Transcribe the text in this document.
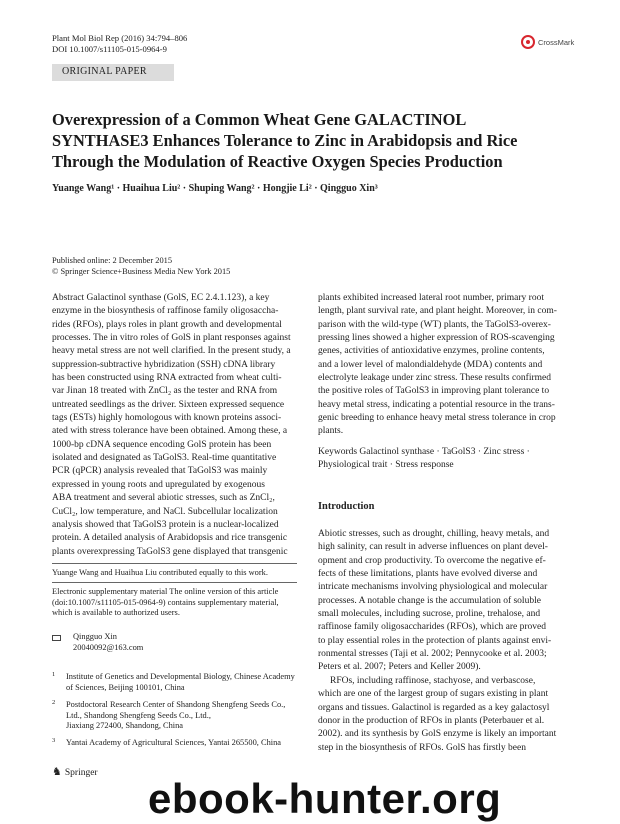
Plant Mol Biol Rep (2016) 34:794–806
DOI 10.1007/s11105-015-0964-9
CrossMark
ORIGINAL PAPER
Overexpression of a Common Wheat Gene GALACTINOL
SYNTHASE3 Enhances Tolerance to Zinc in Arabidopsis and Rice
Through the Modulation of Reactive Oxygen Species Production
Yuange Wang¹ · Huaihua Liu² · Shuping Wang² · Hongjie Li² · Qingguo Xin³
Published online: 2 December 2015
© Springer Science+Business Media New York 2015
Abstract Galactinol synthase (GolS, EC 2.4.1.123), a key
enzyme in the biosynthesis of raffinose family oligosaccha-
rides (RFOs), plays roles in plant growth and developmental
processes. The in vitro roles of GolS in plant responses against
heavy metal stress are not well clarified. In the present study, a
suppression-subtractive hybridization (SSH) cDNA library
has been constructed using RNA extracted from wheat culti-
var Jinan 18 treated with ZnCl₂ as the tester and RNA from
untreated seedlings as the driver. Sixteen expressed sequence
tags (ESTs) highly homologous with known proteins associ-
ated with stress tolerance have been obtained. Among these, a
1000-bp cDNA sequence encoding GolS protein has been
isolated and designated as TaGolS3. Real-time quantitative
PCR (qPCR) analysis revealed that TaGolS3 was mainly
expressed in young roots and upregulated by exogenous
ABA treatment and several abiotic stresses, such as ZnCl₂,
CuCl₂, low temperature, and NaCl. Subcellular localization
analysis showed that TaGolS3 protein is a nuclear-localized
protein. A detailed analysis of Arabidopsis and rice transgenic
plants overexpressing TaGolS3 gene displayed that transgenic
Yuange Wang and Huaihua Liu contributed equally to this work.
Electronic supplementary material The online version of this article
(doi:10.1007/s11105-015-0964-9) contains supplementary material,
which is available to authorized users.
Qingguo Xin
20040092@163.com
1 Institute of Genetics and Developmental Biology, Chinese Academy
of Sciences, Beijing 100101, China
2 Postdoctoral Research Center of Shandong Shengfeng Seeds Co.,
Ltd., Shandong Shengfeng Seeds Co., Ltd.,
Jiaxiang 272400, Shandong, China
3 Yantai Academy of Agricultural Sciences, Yantai 265500, China
plants exhibited increased lateral root number, primary root
length, plant survival rate, and plant height. Moreover, in com-
parison with the wild-type (WT) plants, the TaGolS3-overex-
pressing lines showed a higher expression of ROS-scavenging
genes, activities of antioxidative enzymes, proline contents,
and a lower level of malondialdehyde (MDA) contents and
electrolyte leakage under zinc stress. These results confirmed
the positive roles of TaGolS3 in improving plant tolerance to
heavy metal stress, indicating a potential resource in the trans-
genic breeding to enhance heavy metal stress tolerance in crop
plants.
Keywords Galactinol synthase · TaGolS3 · Zinc stress ·
Physiological trait · Stress response
Introduction
Abiotic stresses, such as drought, chilling, heavy metals, and
high salinity, can result in adverse influences on plant devel-
opment and crop productivity. To overcome the negative ef-
fects of these limitations, plants have evolved diverse and
intricate mechanisms involving physiological and molecular
processes. A notable change is the accumulation of soluble
small molecules, including sucrose, proline, trehalose, and
raffinose family oligosaccharides (RFOs), which are proved
to play essential roles in the protection of plants against envi-
ronmental stresses (Taji et al. 2002; Pennycooke et al. 2003;
Peters et al. 2007; Peters and Keller 2009).
RFOs, including raffinose, stachyose, and verbascose,
which are one of the largest group of sugars existing in plant
organs and tissues. Galactinol is regarded as a key galactosyl
donor in the production of RFOs in plants (Peterbauer et al.
2002). and its synthesis by GolS enzyme is likely an important
step in the biosynthesis of RFOs. GolS has firstly been
♞ Springer
ebook-hunter.org
